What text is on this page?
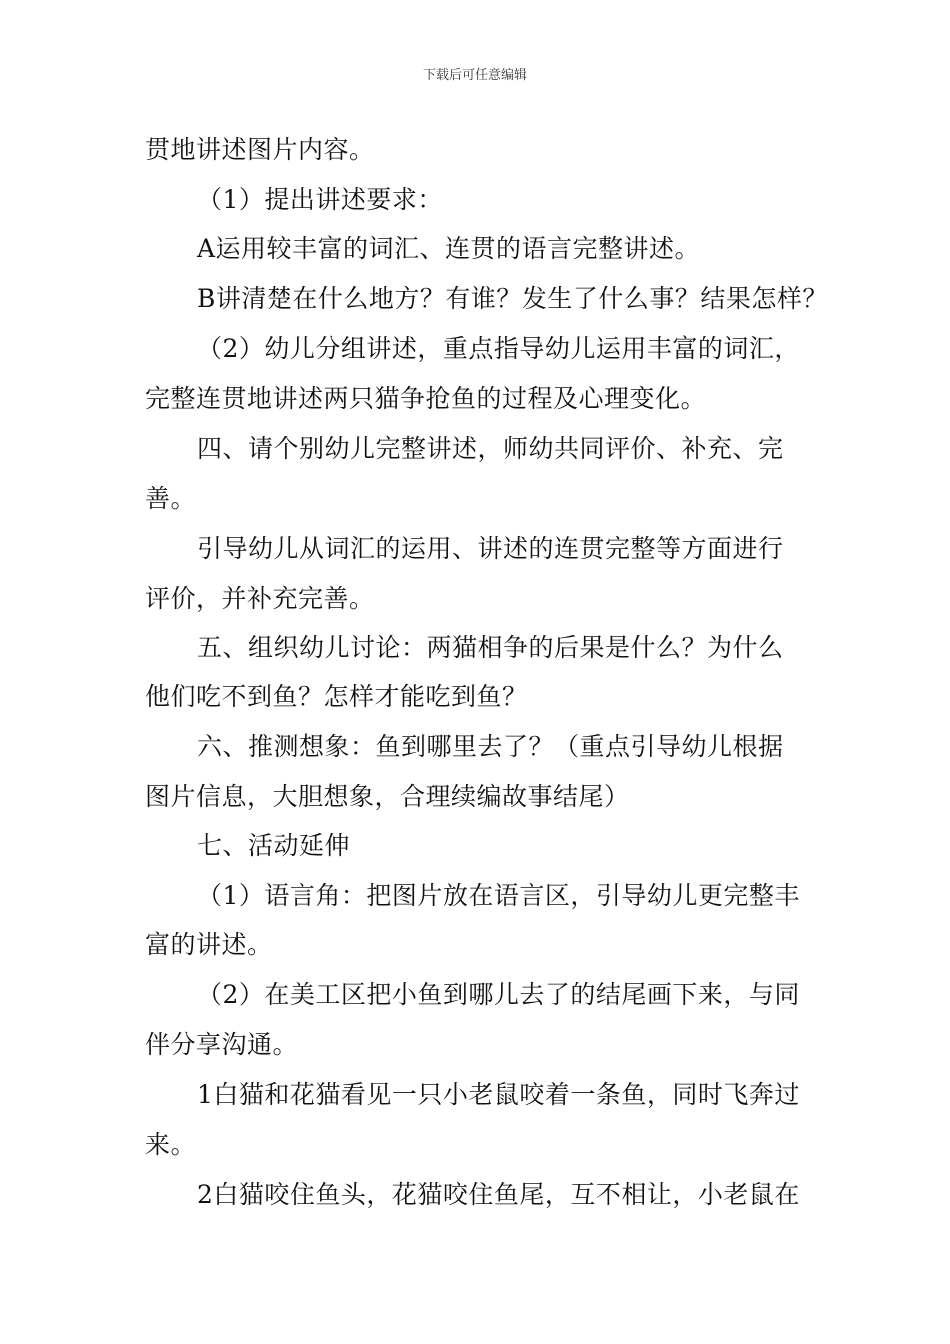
下载后可任意编辑
贯地讲述图片内容。
（1）提出讲述要求：
A运用较丰富的词汇、连贯的语言完整讲述。
B讲清楚在什么地方？有谁？发生了什么事？结果怎样？
（2）幼儿分组讲述，重点指导幼儿运用丰富的词汇，
完整连贯地讲述两只猫争抢鱼的过程及心理变化。
四、请个别幼儿完整讲述，师幼共同评价、补充、完
善。
引导幼儿从词汇的运用、讲述的连贯完整等方面进行
评价，并补充完善。
五、组织幼儿讨论：两猫相争的后果是什么？为什么
他们吃不到鱼？怎样才能吃到鱼？
六、推测想象：鱼到哪里去了？（重点引导幼儿根据
图片信息，大胆想象，合理续编故事结尾）
七、活动延伸
（1）语言角：把图片放在语言区，引导幼儿更完整丰
富的讲述。
（2）在美工区把小鱼到哪儿去了的结尾画下来，与同
伴分享沟通。
1白猫和花猫看见一只小老鼠咬着一条鱼，同时飞奔过
来。
2白猫咬住鱼头，花猫咬住鱼尾，互不相让，小老鼠在
